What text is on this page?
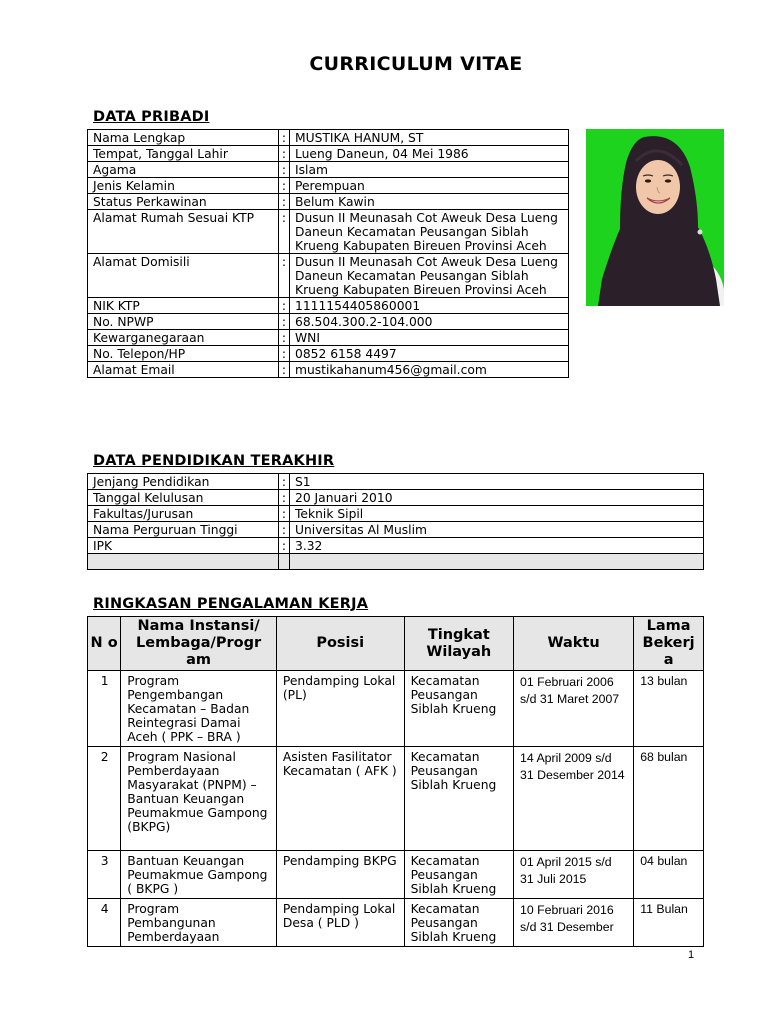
CURRICULUM VITAE
DATA PRIBADI
Nama Lengkap	:	MUSTIKA HANUM, ST
Tempat, Tanggal Lahir	:	Lueng Daneun, 04 Mei 1986
Agama	:	Islam
Jenis Kelamin	:	Perempuan
Status Perkawinan	:	Belum Kawin
Alamat Rumah Sesuai KTP	:	Dusun II Meunasah Cot Aweuk Desa Lueng Daneun Kecamatan Peusangan Siblah Krueng Kabupaten Bireuen Provinsi Aceh
Alamat Domisili	:	Dusun II Meunasah Cot Aweuk Desa Lueng Daneun Kecamatan Peusangan Siblah Krueng Kabupaten Bireuen Provinsi Aceh
NIK KTP	:	1111154405860001
No. NPWP	:	68.504.300.2-104.000
Kewarganegaraan	:	WNI
No. Telepon/HP	:	0852 6158 4497
Alamat Email	:	mustikahanum456@gmail.com
DATA PENDIDIKAN TERAKHIR
Jenjang Pendidikan	:	S1
Tanggal Kelulusan	:	20 Januari 2010
Fakultas/Jurusan	:	Teknik Sipil
Nama Perguruan Tinggi	:	Universitas Al Muslim
IPK	:	3.32

RINGKASAN PENGALAMAN KERJA
N o	Nama Instansi/ Lembaga/Progr am	Posisi	Tingkat Wilayah	Waktu	Lama Bekerj a
1	Program Pengembangan Kecamatan – Badan Reintegrasi Damai Aceh ( PPK – BRA )	Pendamping Lokal (PL)	Kecamatan Peusangan Siblah Krueng	01 Februari 2006 s/d 31 Maret 2007	13 bulan
2	Program Nasional Pemberdayaan Masyarakat (PNPM) – Bantuan Keuangan Peumakmue Gampong (BKPG)	Asisten Fasilitator Kecamatan ( AFK )	Kecamatan Peusangan Siblah Krueng	14 April 2009 s/d 31 Desember 2014	68 bulan
3	Bantuan Keuangan Peumakmue Gampong ( BKPG )	Pendamping BKPG	Kecamatan Peusangan Siblah Krueng	01 April 2015 s/d 31 Juli 2015	04 bulan
4	Program Pembangunan Pemberdayaan	Pendamping Lokal Desa ( PLD )	Kecamatan Peusangan Siblah Krueng	10 Februari 2016 s/d 31 Desember	11 Bulan
1
